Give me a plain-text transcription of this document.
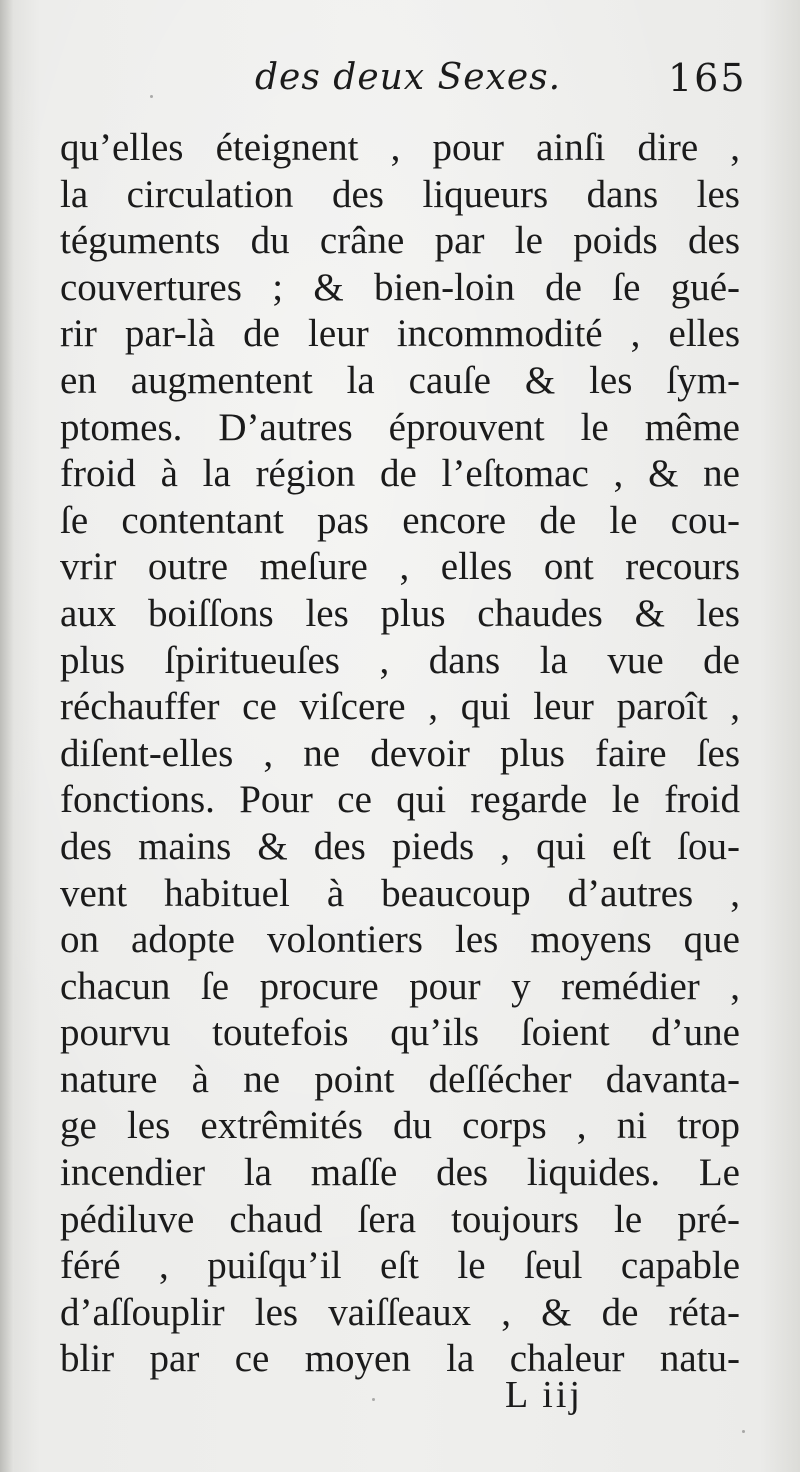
des deux Sexes.	165
qu’elles éteignent , pour ainſi dire ,
la circulation des liqueurs dans les
téguments du crâne par le poids des
couvertures ; & bien-loin de ſe gué-
rir par-là de leur incommodité , elles
en augmentent la cauſe & les ſym-
ptomes. D’autres éprouvent le même
froid à la région de l’eſtomac , & ne
ſe contentant pas encore de le cou-
vrir outre meſure , elles ont recours
aux boiſſons les plus chaudes & les
plus ſpiritueuſes , dans la vue de
réchauffer ce viſcere , qui leur paroît ,
diſent-elles , ne devoir plus faire ſes
fonctions. Pour ce qui regarde le froid
des mains & des pieds , qui eſt ſou-
vent habituel à beaucoup d’autres ,
on adopte volontiers les moyens que
chacun ſe procure pour y remédier ,
pourvu toutefois qu’ils ſoient d’une
nature à ne point deſſécher davanta-
ge les extrêmités du corps , ni trop
incendier la maſſe des liquides. Le
pédiluve chaud ſera toujours le pré-
féré , puiſqu’il eſt le ſeul capable
d’aſſouplir les vaiſſeaux , & de réta-
blir par ce moyen la chaleur natu-
L iij
